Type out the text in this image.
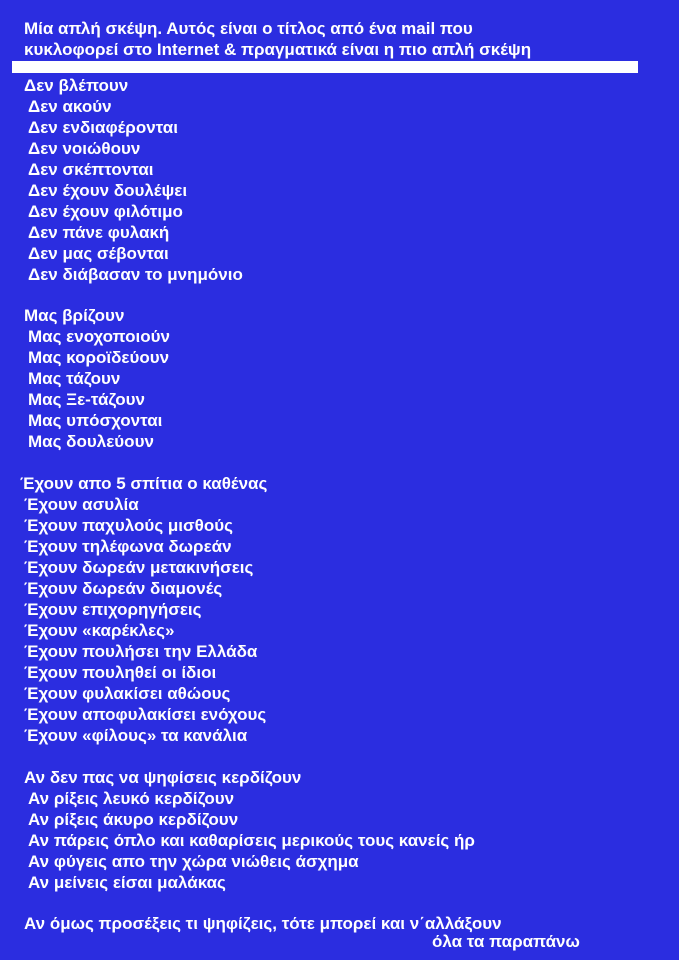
Μία απλή σκέψη. Αυτός είναι ο τίτλος από ένα mail που
κυκλοφορεί στο Internet & πραγματικά είναι η πιο απλή σκέψη
Δεν βλέπουν
Δεν ακούν
Δεν ενδιαφέρονται
Δεν νοιώθουν
Δεν σκέπτονται
Δεν έχουν δουλέψει
Δεν έχουν φιλότιμο
Δεν πάνε φυλακή
Δεν μας σέβονται
Δεν διάβασαν το μνημόνιο
Μας βρίζουν
Μας ενοχοποιούν
Μας κοροϊδεύουν
Μας τάζουν
Μας Ξε-τάζουν
Μας υπόσχονται
Μας δουλεύουν
Έχουν απο 5 σπίτια ο καθένας
Έχουν ασυλία
Έχουν παχυλούς μισθούς
Έχουν τηλέφωνα δωρεάν
Έχουν δωρεάν μετακινήσεις
Έχουν δωρεάν διαμονές
Έχουν επιχορηγήσεις
Έχουν «καρέκλες»
Έχουν πουλήσει την Ελλάδα
Έχουν πουληθεί οι ίδιοι
Έχουν φυλακίσει αθώους
Έχουν αποφυλακίσει ενόχους
Έχουν «φίλους» τα κανάλια
Αν δεν πας να ψηφίσεις κερδίζουν
Αν ρίξεις λευκό κερδίζουν
Αν ρίξεις άκυρο κερδίζουν
Αν πάρεις όπλο και καθαρίσεις μερικούς τους κανείς ήρ
Αν φύγεις απο την χώρα νιώθεις άσχημα
Αν μείνεις είσαι μαλάκας
Αν όμως προσέξεις τι ψηφίζεις, τότε μπορεί και ν΄αλλάξουν
όλα τα παραπάνω
